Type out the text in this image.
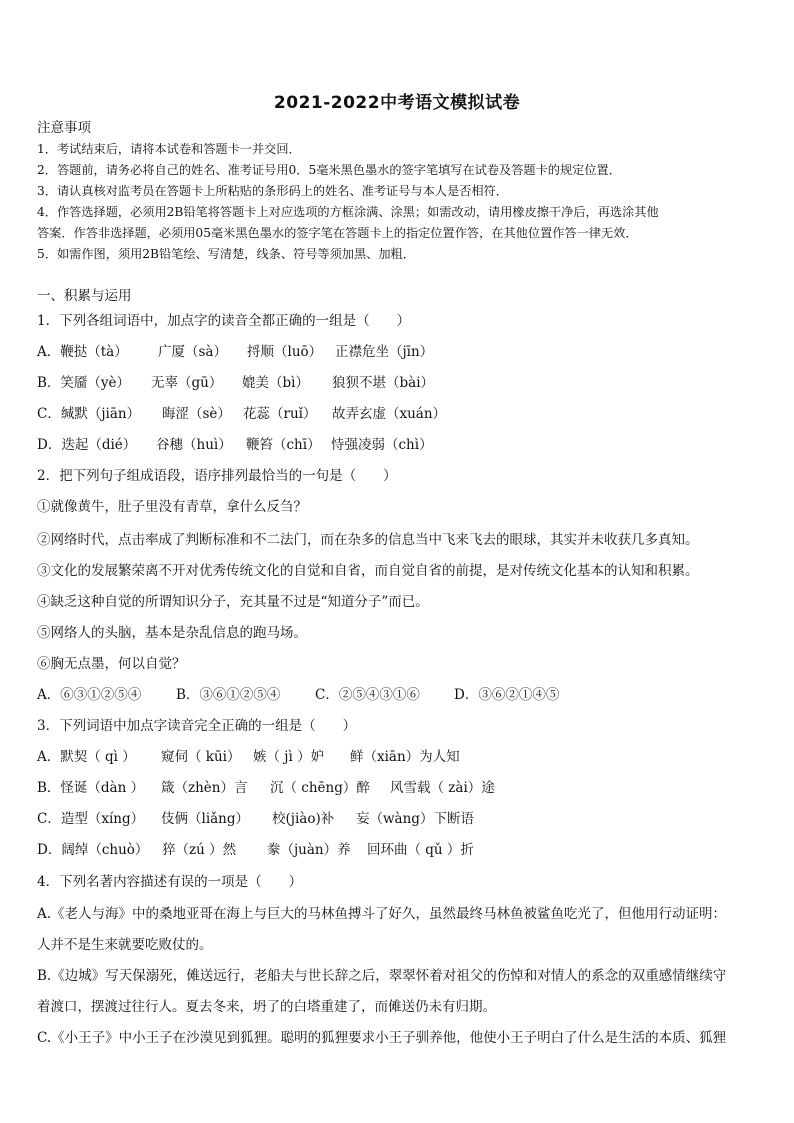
2021-2022中考语文模拟试卷
注意事项
1．考试结束后，请将本试卷和答题卡一并交回．
2．答题前，请务必将自己的姓名、准考证号用0．5毫米黑色墨水的签字笔填写在试卷及答题卡的规定位置．
3．请认真核对监考员在答题卡上所粘贴的条形码上的姓名、准考证号与本人是否相符．
4．作答选择题，必须用2B铅笔将答题卡上对应选项的方框涂满、涂黑；如需改动，请用橡皮擦干净后，再选涂其他
答案．作答非选择题，必须用05毫米黑色墨水的签字笔在答题卡上的指定位置作答，在其他位置作答一律无效．
5．如需作图，须用2B铅笔绘、写清楚，线条、符号等须加黑、加粗．
一、积累与运用
1．下列各组词语中，加点字的读音全都正确的一组是（　　）
A．鞭挞（tà） 广厦（sà） 捋顺（luō） 正襟危坐（jīn）
B．笑靥（yè） 无辜（gū） 媲美（bì） 狼狈不堪（bài）
C．缄默（jiān） 晦涩（sè） 花蕊（ruǐ） 故弄玄虚（xuán）
D．迭起（dié） 谷穗（huì） 鞭笞（chī） 恃强凌弱（chì）
2．把下列句子组成语段，语序排列最恰当的一句是（　　）
①就像黄牛，肚子里没有青草，拿什么反刍？
②网络时代，点击率成了判断标准和不二法门，而在杂多的信息当中飞来飞去的眼球，其实并未收获几多真知。
③文化的发展繁荣离不开对优秀传统文化的自觉和自省，而自觉自省的前提，是对传统文化基本的认知和积累。
④缺乏这种自觉的所谓知识分子，充其量不过是“知道分子”而已。
⑤网络人的头脑，基本是杂乱信息的跑马场。
⑥胸无点墨，何以自觉？
A．⑥③①②⑤④	B．③⑥①②⑤④	C．②⑤④③①⑥	D．③⑥②①④⑤
3．下列词语中加点字读音完全正确的一组是（　　）
A．默契（ qì ） 窥伺（ kūi） 嫉（ jì ）妒 鲜（xiān）为人知
B．怪诞（dàn ） 箴（zhèn）言 沉（ chēng）醉 风雪载（ zài）途
C．造型（xíng） 伎俩（liǎng） 校(jiào)补 妄（wàng）下断语
D．阔绰（chuò） 猝（zú ）然 豢（juàn）养 回环曲（ qǔ ）折
4．下列名著内容描述有误的一项是（　　）
A.《老人与海》中的桑地亚哥在海上与巨大的马林鱼搏斗了好久，虽然最终马林鱼被鲨鱼吃光了，但他用行动证明：
人并不是生来就要吃败仗的。
B.《边城》写天保溺死，傩送远行，老船夫与世长辞之后，翠翠怀着对祖父的伤悼和对情人的系念的双重感情继续守
着渡口，摆渡过往行人。夏去冬来，坍了的白塔重建了，而傩送仍未有归期。
C.《小王子》中小王子在沙漠见到狐狸。聪明的狐狸要求小王子驯养他，他使小王子明白了什么是生活的本质、狐狸
